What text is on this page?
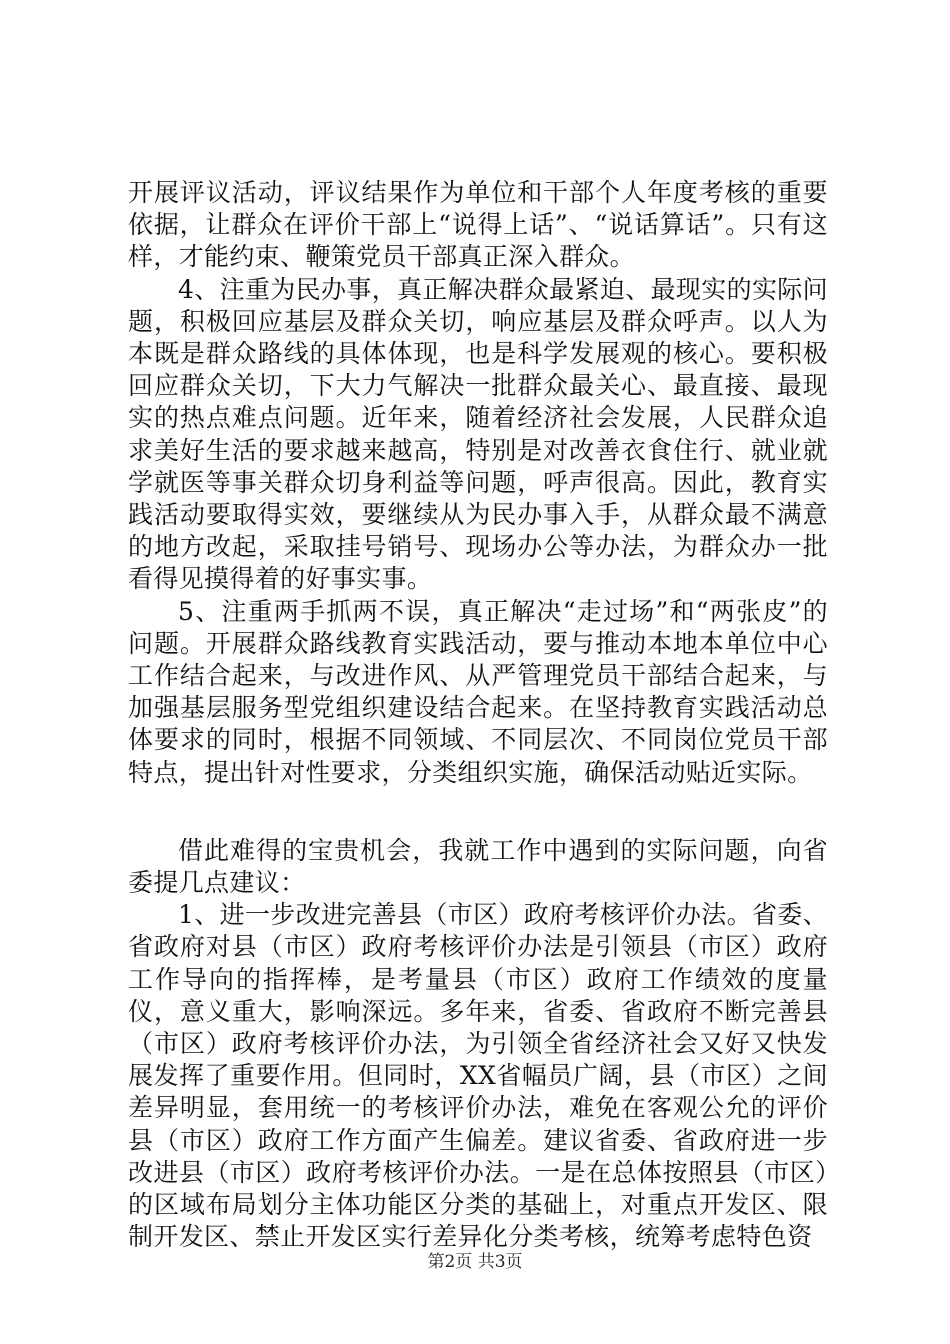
开展评议活动，评议结果作为单位和干部个人年度考核的重要依据，让群众在评价干部上“说得上话”、“说话算话”。只有这样，才能约束、鞭策党员干部真正深入群众。

4、注重为民办事，真正解决群众最紧迫、最现实的实际问题，积极回应基层及群众关切，响应基层及群众呼声。以人为本既是群众路线的具体体现，也是科学发展观的核心。要积极回应群众关切，下大力气解决一批群众最关心、最直接、最现实的热点难点问题。近年来，随着经济社会发展，人民群众追求美好生活的要求越来越高，特别是对改善衣食住行、就业就学就医等事关群众切身利益等问题，呼声很高。因此，教育实践活动要取得实效，要继续从为民办事入手，从群众最不满意的地方改起，采取挂号销号、现场办公等办法，为群众办一批看得见摸得着的好事实事。

5、注重两手抓两不误，真正解决“走过场”和“两张皮”的问题。开展群众路线教育实践活动，要与推动本地本单位中心工作结合起来，与改进作风、从严管理党员干部结合起来，与加强基层服务型党组织建设结合起来。在坚持教育实践活动总体要求的同时，根据不同领域、不同层次、不同岗位党员干部特点，提出针对性要求，分类组织实施，确保活动贴近实际。

借此难得的宝贵机会，我就工作中遇到的实际问题，向省委提几点建议：

1、进一步改进完善县（市区）政府考核评价办法。省委、省政府对县（市区）政府考核评价办法是引领县（市区）政府工作导向的指挥棒，是考量县（市区）政府工作绩效的度量仪，意义重大，影响深远。多年来，省委、省政府不断完善县（市区）政府考核评价办法，为引领全省经济社会又好又快发展发挥了重要作用。但同时，XX省幅员广阔，县（市区）之间差异明显，套用统一的考核评价办法，难免在客观公允的评价县（市区）政府工作方面产生偏差。建议省委、省政府进一步改进县（市区）政府考核评价办法。一是在总体按照县（市区）的区域布局划分主体功能区分类的基础上，对重点开发区、限制开发区、禁止开发区实行差异化分类考核，统筹考虑特色资

第2页 共3页
